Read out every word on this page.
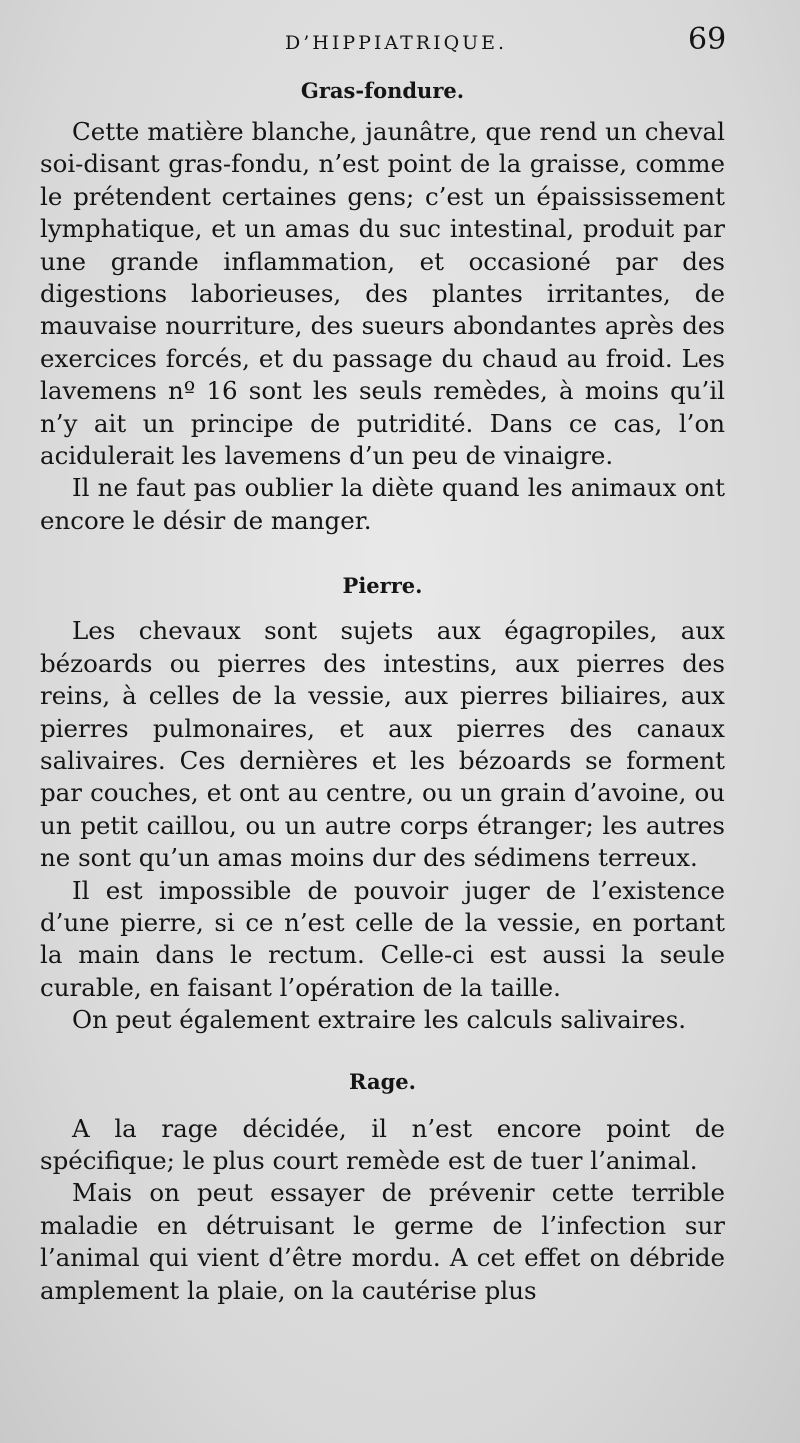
D’HIPPIATRIQUE.	69
Gras-fondure.

Cette matière blanche, jaunâtre, que rend un cheval soi-disant gras-fondu, n’est point de la graisse, comme le prétendent certaines gens; c’est un épaississement lymphatique, et un amas du suc intestinal, produit par une grande inflammation, et occasioné par des digestions laborieuses, des plantes irritantes, de mauvaise nourriture, des sueurs abondantes après des exercices forcés, et du passage du chaud au froid. Les lavemens nº 16 sont les seuls remèdes, à moins qu’il n’y ait un principe de putridité. Dans ce cas, l’on acidulerait les lavemens d’un peu de vinaigre.

Il ne faut pas oublier la diète quand les animaux ont encore le désir de manger.

Pierre.

Les chevaux sont sujets aux égagropiles, aux bézoards ou pierres des intestins, aux pierres des reins, à celles de la vessie, aux pierres biliaires, aux pierres pulmonaires, et aux pierres des canaux salivaires. Ces dernières et les bézoards se forment par couches, et ont au centre, ou un grain d’avoine, ou un petit caillou, ou un autre corps étranger; les autres ne sont qu’un amas moins dur des sédimens terreux.

Il est impossible de pouvoir juger de l’existence d’une pierre, si ce n’est celle de la vessie, en portant la main dans le rectum. Celle-ci est aussi la seule curable, en faisant l’opération de la taille.

On peut également extraire les calculs salivaires.

Rage.

A la rage décidée, il n’est encore point de spécifique; le plus court remède est de tuer l’animal.

Mais on peut essayer de prévenir cette terrible maladie en détruisant le germe de l’infection sur l’animal qui vient d’être mordu. A cet effet on débride amplement la plaie, on la cautérise plus
